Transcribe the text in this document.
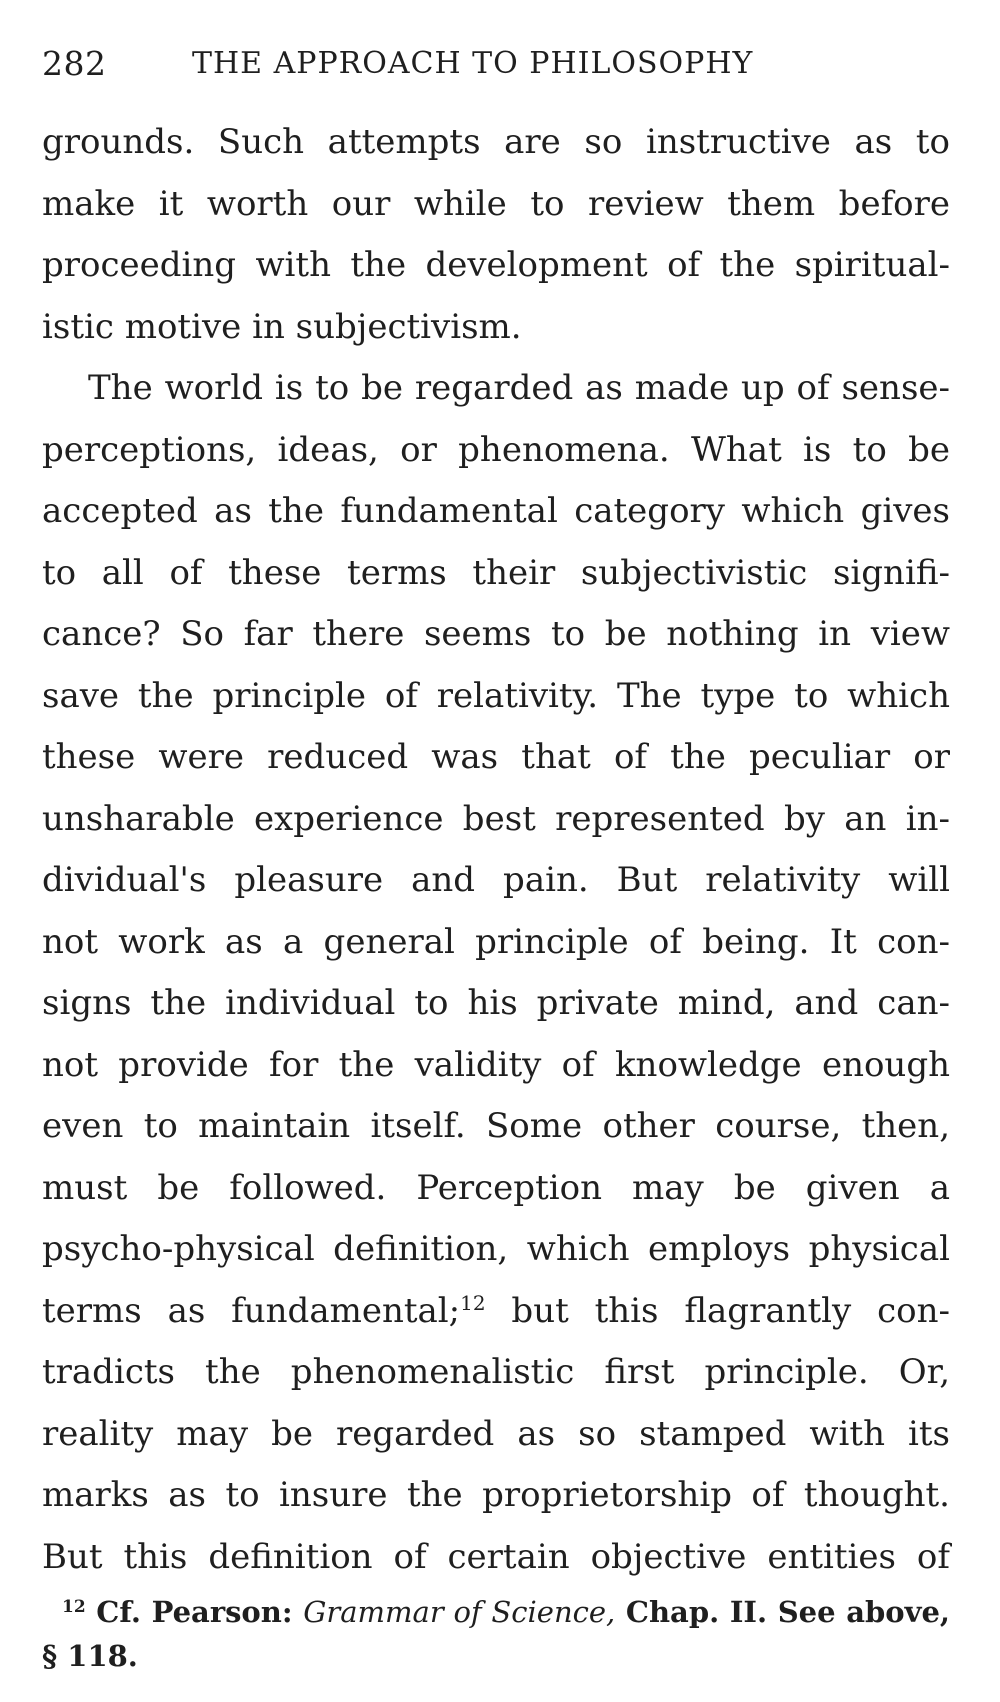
282	THE APPROACH TO PHILOSOPHY
grounds. Such attempts are so instructive as to
make it worth our while to review them before
proceeding with the development of the spiritual-
istic motive in subjectivism.
The world is to be regarded as made up of sense-
perceptions, ideas, or phenomena. What is to be
accepted as the fundamental category which gives
to all of these terms their subjectivistic signifi-
cance? So far there seems to be nothing in view
save the principle of relativity. The type to which
these were reduced was that of the peculiar or
unsharable experience best represented by an in-
dividual's pleasure and pain. But relativity will
not work as a general principle of being. It con-
signs the individual to his private mind, and can-
not provide for the validity of knowledge enough
even to maintain itself. Some other course, then,
must be followed. Perception may be given a
psycho-physical definition, which employs physical
terms as fundamental;$^{12}$ but this flagrantly con-
tradicts the phenomenalistic first principle. Or,
reality may be regarded as so stamped with its
marks as to insure the proprietorship of thought.
But this definition of certain objective entities of
$^{12}$ Cf. Pearson: Grammar of Science, Chap. II. See above,
§ 118.
